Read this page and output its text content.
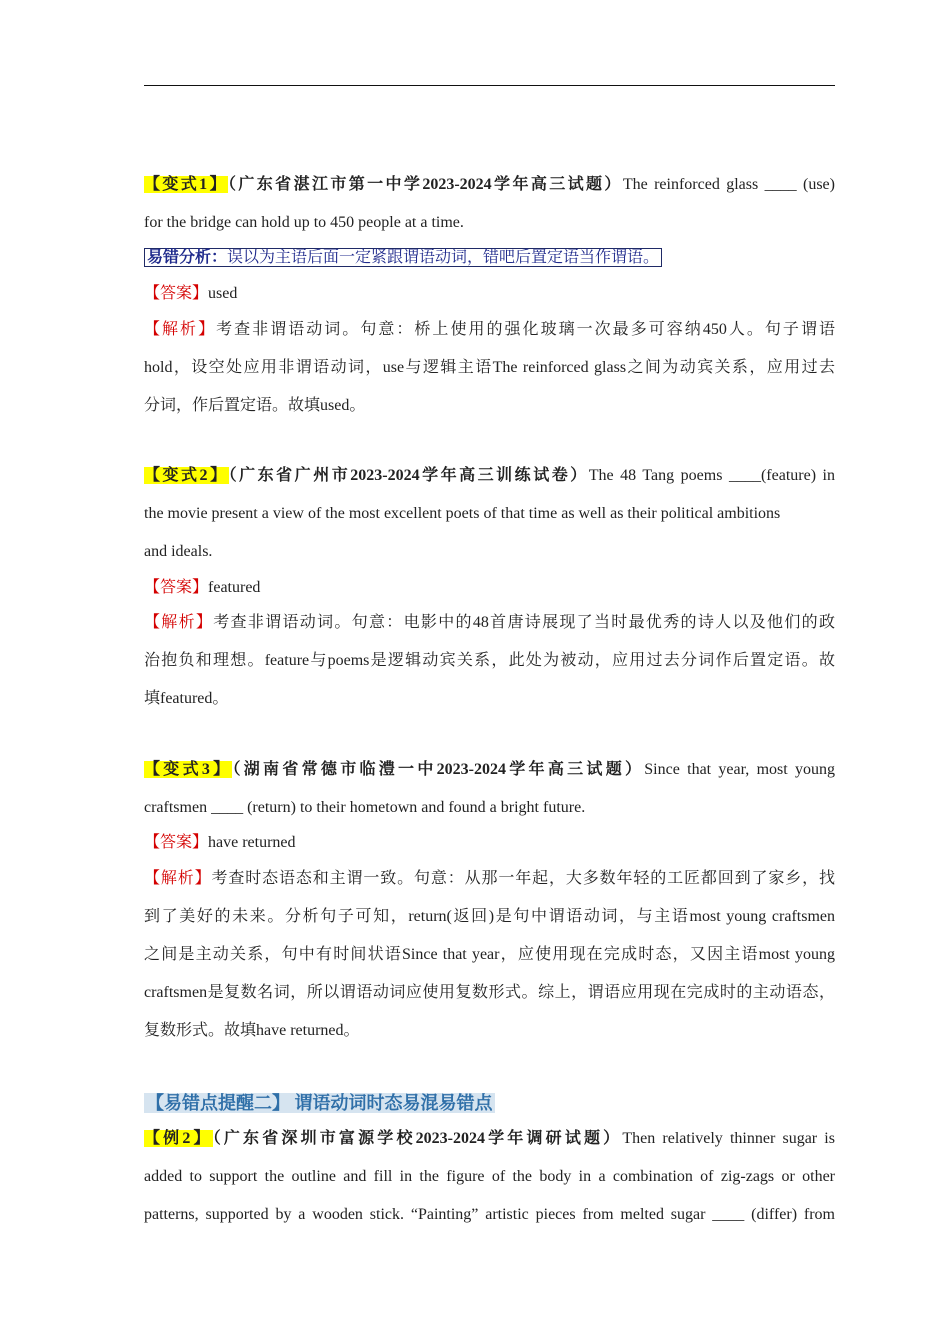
【变式1】（广东省湛江市第一中学2023-2024学年高三试题）The reinforced glass ____ (use)
for the bridge can hold up to 450 people at a time.
易错分析：误以为主语后面一定紧跟谓语动词，错吧后置定语当作谓语。
【答案】used
【解析】考查非谓语动词。句意：桥上使用的强化玻璃一次最多可容纳450人。句子谓语
hold，设空处应用非谓语动词，use与逻辑主语The reinforced glass之间为动宾关系，应用过去
分词，作后置定语。故填used。
【变式2】（广东省广州市2023-2024学年高三训练试卷）The 48 Tang poems ____(feature) in
the movie present a view of the most excellent poets of that time as well as their political ambitions
and ideals.
【答案】featured
【解析】考查非谓语动词。句意：电影中的48首唐诗展现了当时最优秀的诗人以及他们的政
治抱负和理想。feature与poems是逻辑动宾关系，此处为被动，应用过去分词作后置定语。故
填featured。
【变式3】（湖南省常德市临澧一中2023-2024学年高三试题）Since that year, most young
craftsmen ____ (return) to their hometown and found a bright future.
【答案】have returned
【解析】考查时态语态和主谓一致。句意：从那一年起，大多数年轻的工匠都回到了家乡，找
到了美好的未来。分析句子可知，return(返回)是句中谓语动词，与主语most young craftsmen
之间是主动关系，句中有时间状语Since that year，应使用现在完成时态，又因主语most young
craftsmen是复数名词，所以谓语动词应使用复数形式。综上，谓语应用现在完成时的主动语态，
复数形式。故填have returned。
【易错点提醒二】 谓语动词时态易混易错点
【例2】（广东省深圳市富源学校2023-2024学年调研试题）Then relatively thinner sugar is
added to support the outline and fill in the figure of the body in a combination of zig-zags or other
patterns, supported by a wooden stick. “Painting” artistic pieces from melted sugar ____ (differ) from
